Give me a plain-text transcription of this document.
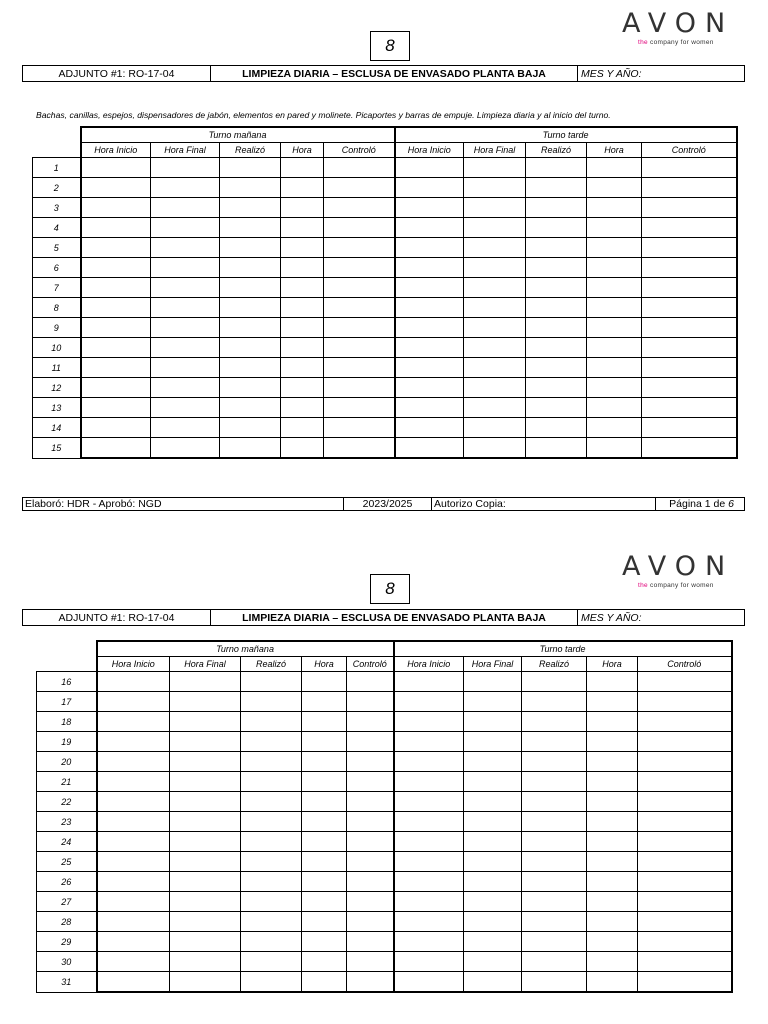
8
AVON
the company for women
ADJUNTO #1: RO-17-04	LIMPIEZA DIARIA – ESCLUSA DE ENVASADO PLANTA BAJA	MES Y AÑO:
Bachas, canillas, espejos, dispensadores de jabón, elementos en pared y molinete. Picaportes y barras de empuje. Limpieza diaria y al inicio del turno.
	Turno mañana					Turno tarde				
	Hora Inicio	Hora Final	Realizó	Hora	Controló	Hora Inicio	Hora Final	Realizó	Hora	Controló
1										
2										
3										
4										
5										
6										
7										
8										
9										
10										
11										
12										
13										
14										
15										
Elaboró: HDR - Aprobó: NGD	2023/2025	Autorizo Copia:	Página 1 de
6
8
AVON
the company for women
ADJUNTO #1: RO-17-04	LIMPIEZA DIARIA – ESCLUSA DE ENVASADO PLANTA BAJA	MES Y AÑO:
	Turno mañana					Turno tarde				
	Hora Inicio	Hora Final	Realizó	Hora	Controló	Hora Inicio	Hora Final	Realizó	Hora	Controló
16										
17										
18										
19										
20										
21										
22										
23										
24										
25										
26										
27										
28										
29										
30										
31										
